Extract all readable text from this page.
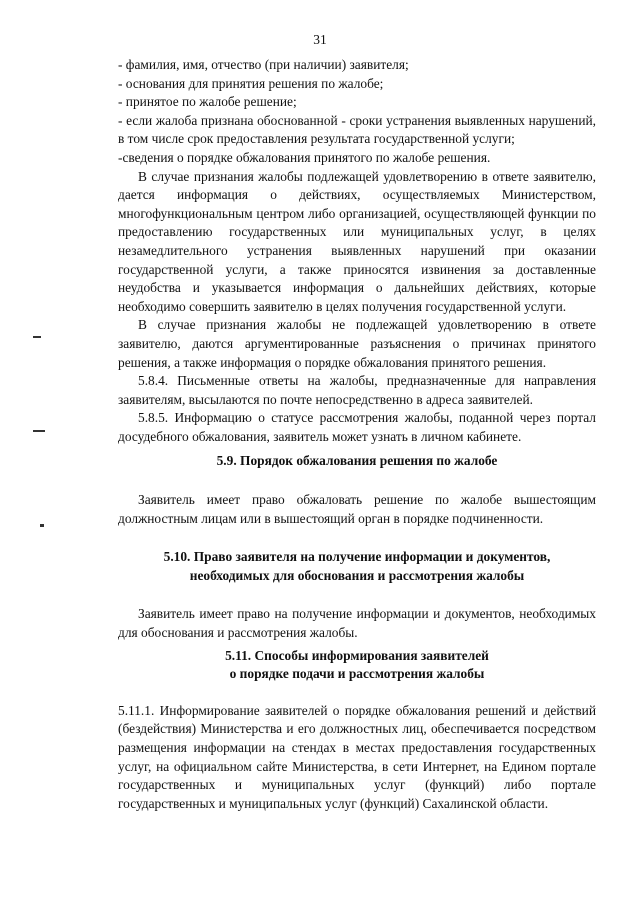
31

- фамилия, имя, отчество (при наличии) заявителя;

- основания для принятия решения по жалобе;

- принятое по жалобе решение;

- если жалоба признана обоснованной - сроки устранения выявленных нарушений, в том числе срок предоставления результата государственной услуги;

-сведения о порядке обжалования принятого по жалобе решения.

В случае признания жалобы подлежащей удовлетворению в ответе заявителю, дается информация о действиях, осуществляемых Министерством, многофункциональным центром либо организацией, осуществляющей функции по предоставлению государственных или муниципальных услуг, в целях незамедлительного устранения выявленных нарушений при оказании государственной услуги, а также приносятся извинения за доставленные неудобства и указывается информация о дальнейших действиях, которые необходимо совершить заявителю в целях получения государственной услуги.

В случае признания жалобы не подлежащей удовлетворению в ответе заявителю, даются аргументированные разъяснения о причинах принятого решения, а также информация о порядке обжалования принятого решения.

5.8.4. Письменные ответы на жалобы, предназначенные для направления заявителям, высылаются по почте непосредственно в адреса заявителей.

5.8.5. Информацию о статусе рассмотрения жалобы, поданной через портал досудебного обжалования, заявитель может узнать в личном кабинете.

5.9. Порядок обжалования решения по жалобе

Заявитель имеет право обжаловать решение по жалобе вышестоящим должностным лицам или в вышестоящий орган в порядке подчиненности.

5.10. Право заявителя на получение информации и документов,
необходимых для обоснования и рассмотрения жалобы

Заявитель имеет право на получение информации и документов, необходимых для обоснования и рассмотрения жалобы.

5.11. Способы информирования заявителей
о порядке подачи и рассмотрения жалобы

5.11.1. Информирование заявителей о порядке обжалования решений и действий (бездействия) Министерства и его должностных лиц, обеспечивается посредством размещения информации на стендах в местах предоставления государственных услуг, на официальном сайте Министерства, в сети Интернет, на Едином портале государственных и муниципальных услуг (функций) либо портале государственных и муниципальных услуг (функций) Сахалинской области.
